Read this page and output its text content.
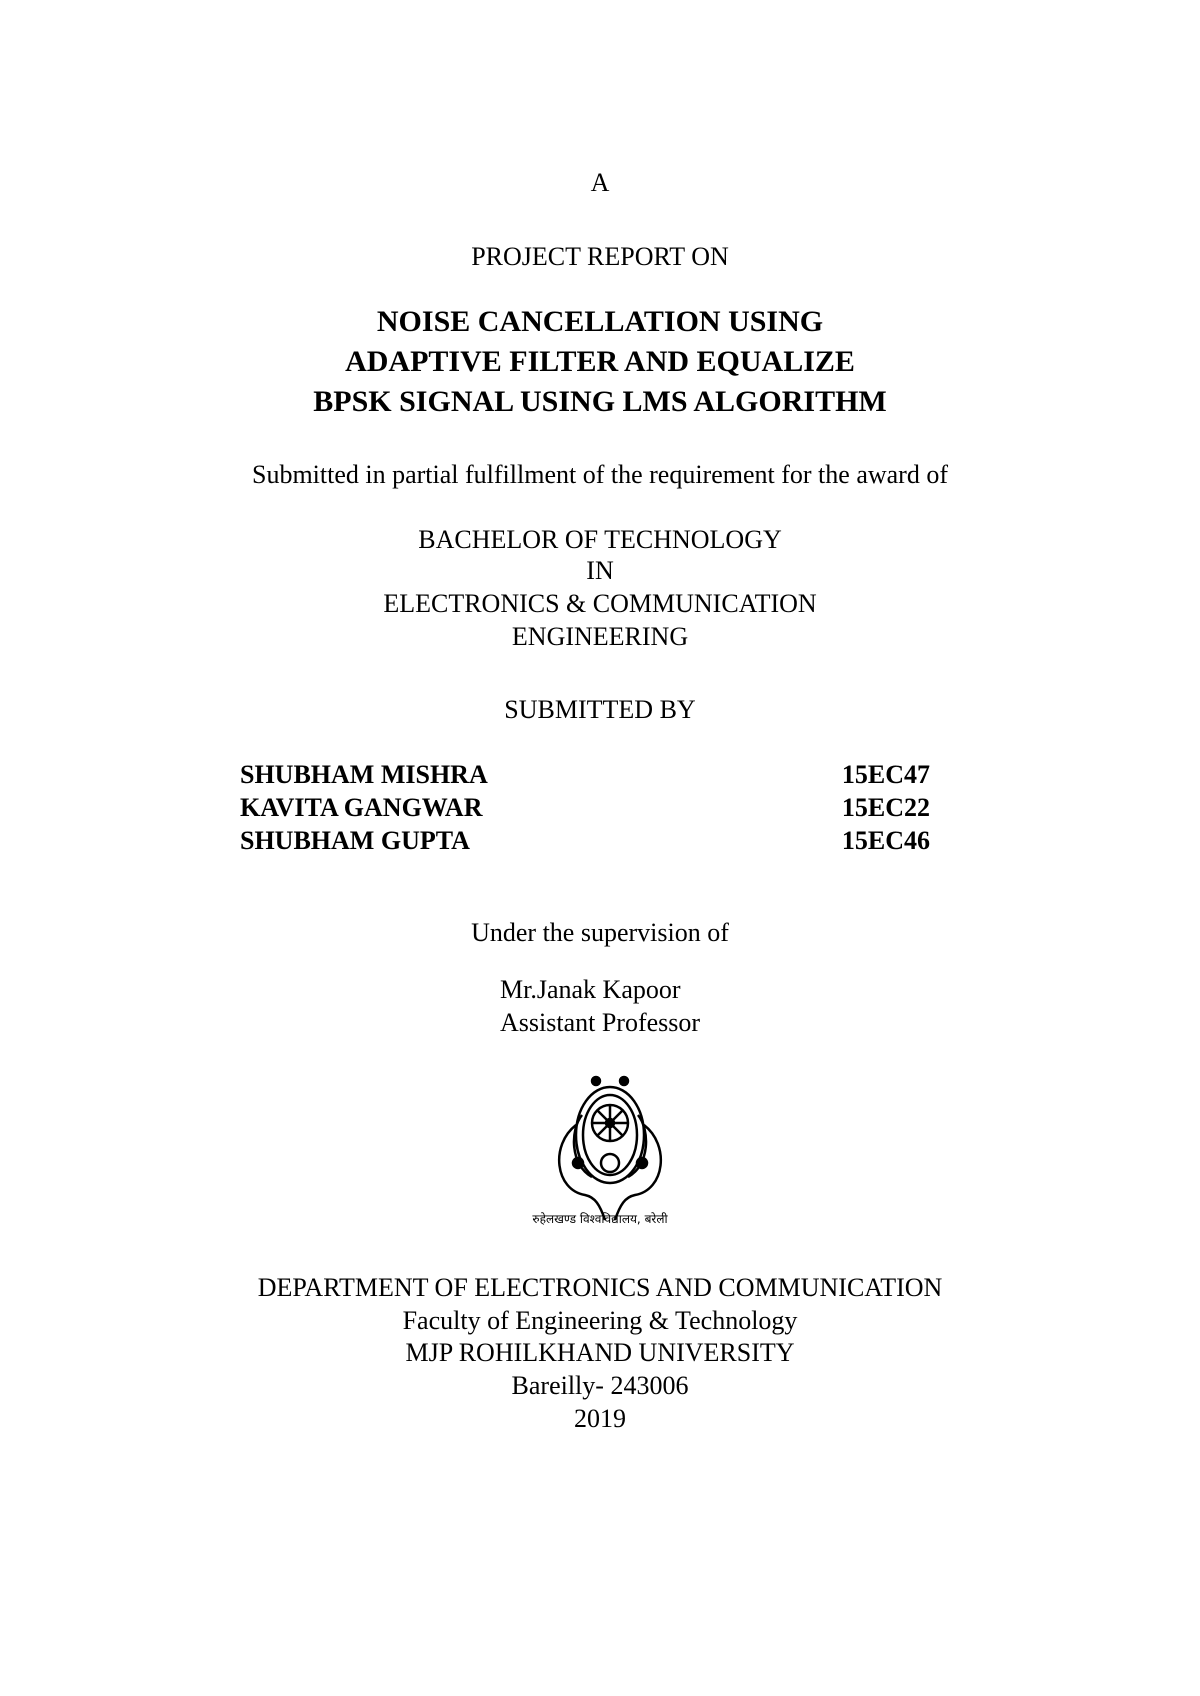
A
PROJECT REPORT ON
NOISE CANCELLATION USING
ADAPTIVE FILTER AND EQUALIZE
BPSK SIGNAL USING LMS ALGORITHM
Submitted in partial fulfillment of the requirement for the award of
BACHELOR OF TECHNOLOGY
IN
ELECTRONICS & COMMUNICATION
ENGINEERING
SUBMITTED BY
SHUBHAM MISHRA	15EC47
KAVITA GANGWAR	15EC22
SHUBHAM GUPTA	15EC46
Under the supervision of
Mr.Janak Kapoor
Assistant Professor
रुहेलखण्ड विश्वविद्यालय, बरेली
DEPARTMENT OF ELECTRONICS AND COMMUNICATION
Faculty of Engineering & Technology
MJP ROHILKHAND UNIVERSITY
Bareilly- 243006
2019
